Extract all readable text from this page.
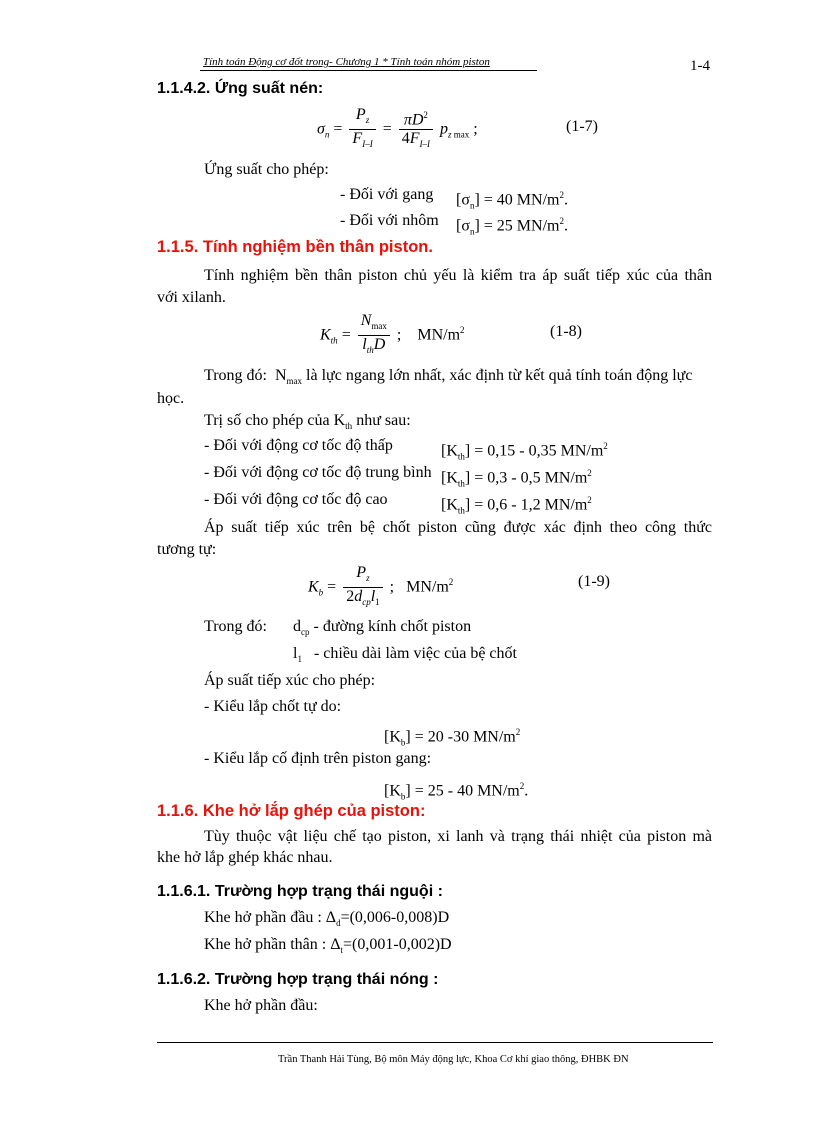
Tính toán Động cơ đốt trong- Chương 1 * Tính toán nhóm piston	1-4
1.1.4.2. Ứng suất nén:
$\sigma_n = \frac{P_z}{F_{I-I}} = \frac{\pi D^2}{4F_{I-I}} p_{z max}$ ;	(1-7)
Ứng suất cho phép:
- Đối với gang $[\sigma_n] = 40$ $MN/m^2$.
- Đối với nhôm $[\sigma_n] = 25$ $MN/m^2$.
1.1.5. Tính nghiệm bền thân piston.
Tính nghiệm bền thân piston chủ yếu là kiểm tra áp suất tiếp xúc của thân
với xilanh.
$K_{th} = \frac{N_{max}}{l_{th}D}$ ;    $MN/m^2$	(1-8)
Trong đó:  $N_{max}$ là lực ngang lớn nhất, xác định từ kết quả tính toán động lực
học.
Trị số cho phép của $K_{th}$ như sau:
- Đối với động cơ tốc độ thấp	$[K_{th}] = 0,15 - 0,35$ $MN/m^2$
- Đối với động cơ tốc độ trung bình $[K_{th}] = 0,3 - 0,5$ $MN/m^2$
- Đối với động cơ tốc độ cao	$[K_{th}] = 0,6 - 1,2$ $MN/m^2$
Áp suất tiếp xúc trên bệ chốt piston cũng được xác định theo công thức
tương tự:
$K_b = \frac{P_z}{2d_{cp}l_1}$ ;   $MN/m^2$	(1-9)
Trong đó: $d_{cp}$ - đường kính chốt piston
$l_1$ - chiều dài làm việc của bệ chốt
Áp suất tiếp xúc cho phép:
- Kiểu lắp chốt tự do:
$[K_b] = 20$ -30 $MN/m^2$
- Kiểu lắp cố định trên piston gang:
$[K_b] = 25 - 40$ $MN/m^2$.
1.1.6. Khe hở lắp ghép của piston:
Tùy thuộc vật liệu chế tạo piston, xi lanh và trạng thái nhiệt của piston mà
khe hở lắp ghép khác nhau.
1.1.6.1. Trường hợp trạng thái nguội :
Khe hở phần đầu : $\Delta_d=(0,006-0,008)D$
Khe hở phần thân : $\Delta_t=(0,001-0,002)D$
1.1.6.2. Trường hợp trạng thái nóng :
Khe hở phần đầu:
Trần Thanh Hải Tùng, Bộ môn Máy động lực, Khoa Cơ khí giao thông, ĐHBK ĐN
